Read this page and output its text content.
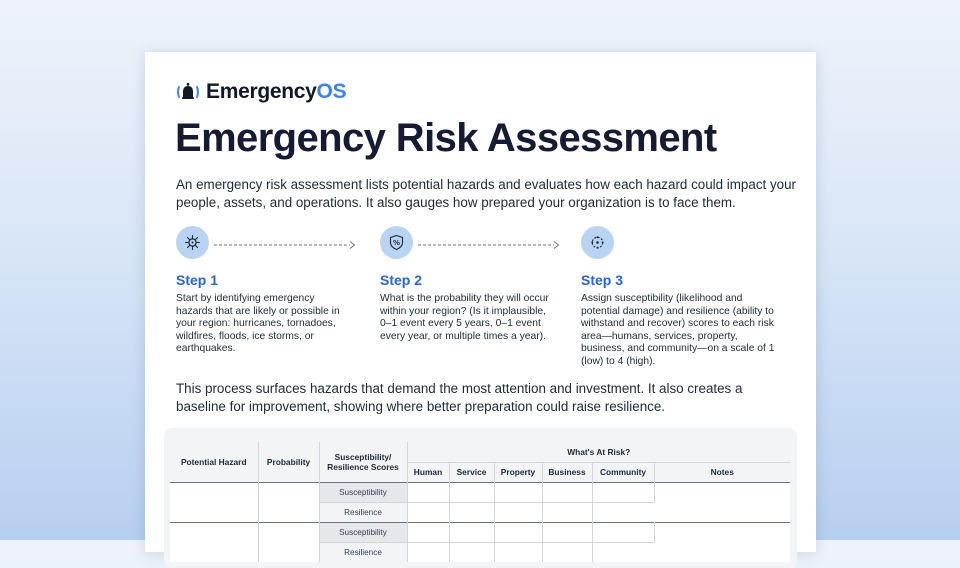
EmergencyOS
Emergency Risk Assessment

An emergency risk assessment lists potential hazards and evaluates how each hazard could impact your people, assets, and operations. It also gauges how prepared your organization is to face them.

Step 1

Start by identifying emergency hazards that are likely or possible in your region: hurricanes, tornadoes, wildfires, floods, ice storms, or earthquakes.

%
Step 2

What is the probability they will occur within your region? (Is it implausible, 0–1 event every 5 years, 0–1 event every year, or multiple times a year).

Step 3

Assign susceptibility (likelihood and potential damage) and resilience (ability to withstand and recover) scores to each risk area—humans, services, property, business, and community—on a scale of 1 (low) to 4 (high).

This process surfaces hazards that demand the most attention and investment. It also creates a baseline for improvement, showing where better preparation could raise resilience.

Potential Hazard	Probability	Susceptibility/ Resilience Scores	What's At Risk?					
			Human	Service	Property	Business	Community	Notes
		Susceptibility						
		Resilience						
		Susceptibility						
		Resilience						
